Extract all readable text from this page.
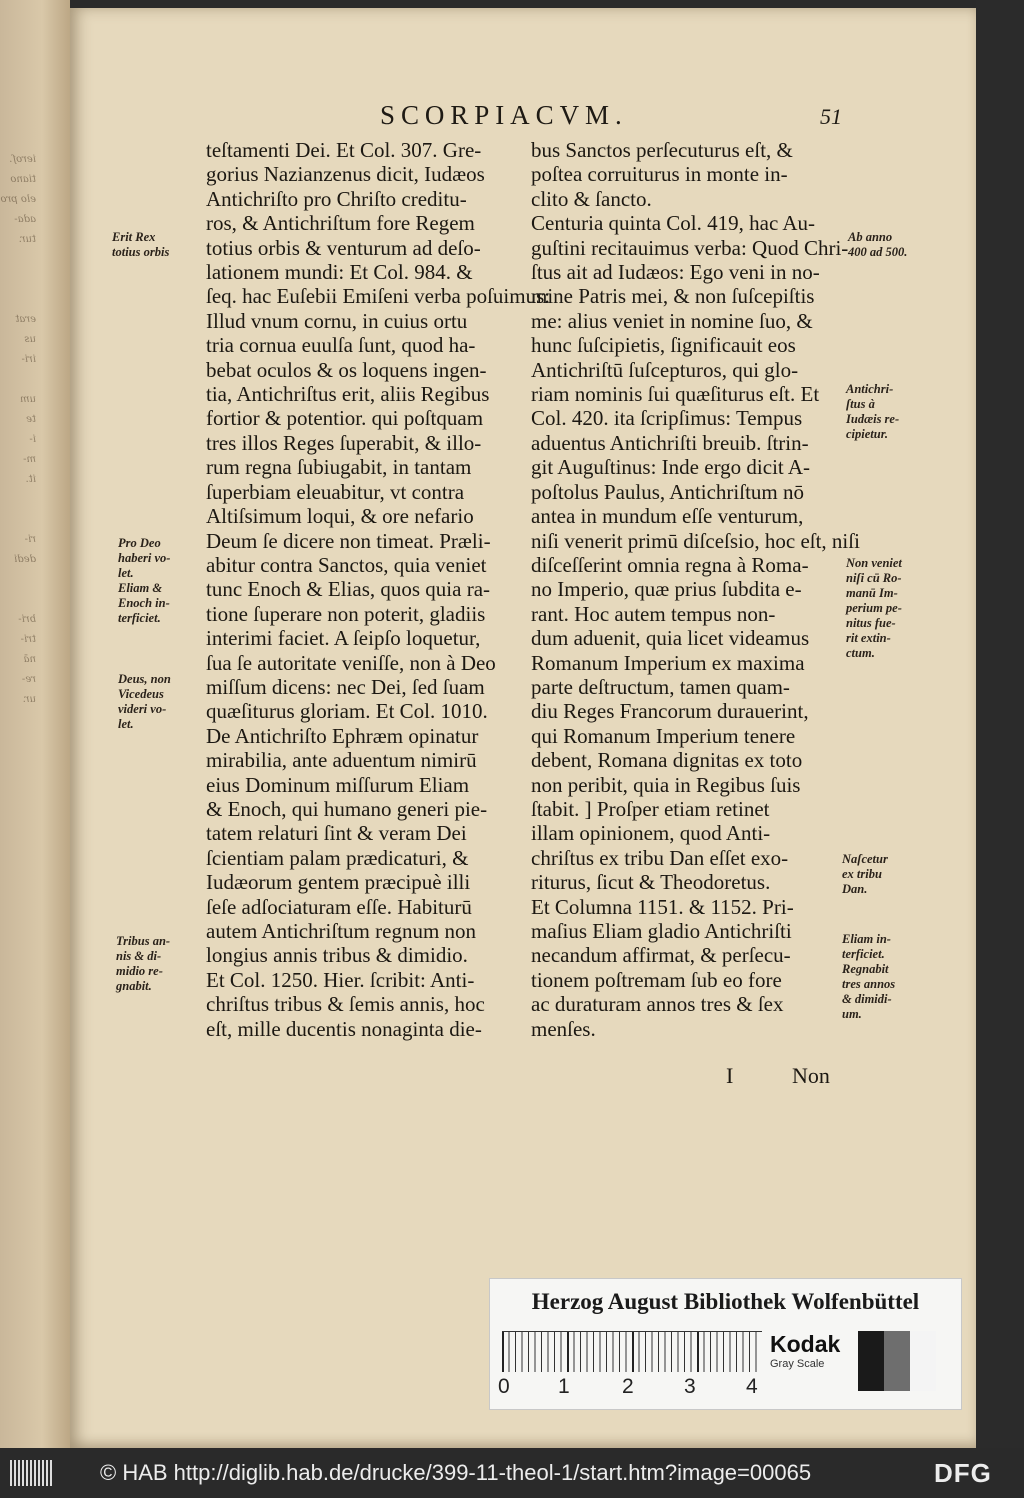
ieroſ.
tiano
elo pro
ada-
tur.

erat
us
iri-

um
te
i-
m-
it.

ri-
dedi

bri-
tri-
nā
re-
ur.
SCORPIACVM.	51
teſtamenti Dei. Et Col. 307. Gre-
gorius Nazianzenus dicit, Iudæos
Antichriſto pro Chriſto creditu-
ros, & Antichriſtum fore Regem
totius orbis & venturum ad deſo-
lationem mundi: Et Col. 984. &
ſeq. hac Euſebii Emiſeni verba poſuimus:
Illud vnum cornu, in cuius ortu
tria cornua euulſa ſunt, quod ha-
bebat oculos & os loquens ingen-
tia, Antichriſtus erit, aliis Regibus
fortior & potentior. qui poſtquam
tres illos Reges ſuperabit, & illo-
rum regna ſubiugabit, in tantam
ſuperbiam eleuabitur, vt contra
Altiſsimum loqui, & ore nefario
Deum ſe dicere non timeat. Præli-
abitur contra Sanctos, quia veniet
tunc Enoch & Elias, quos quia ra-
tione ſuperare non poterit, gladiis
interimi faciet. A ſeipſo loquetur,
ſua ſe autoritate veniſſe, non à Deo
miſſum dicens: nec Dei, ſed ſuam
quæſiturus gloriam. Et Col. 1010.
De Antichriſto Ephræm opinatur
mirabilia, ante aduentum nimirū
eius Dominum miſſurum Eliam
& Enoch, qui humano generi pie-
tatem relaturi ſint & veram Dei
ſcientiam palam prædicaturi, &
Iudæorum gentem præcipuè illi
ſeſe adſociaturam eſſe. Habiturū
autem Antichriſtum regnum non
longius annis tribus & dimidio.
Et Col. 1250. Hier. ſcribit: Anti-
chriſtus tribus & ſemis annis, hoc
eſt, mille ducentis nonaginta die-
bus Sanctos perſecuturus eſt, &
poſtea corruiturus in monte in-
clito & ſancto.
Centuria quinta Col. 419, hac Au-
guſtini recitauimus verba: Quod Chri-
ſtus ait ad Iudæos: Ego veni in no-
mine Patris mei, & non ſuſcepiſtis
me: alius veniet in nomine ſuo, &
hunc ſuſcipietis, ſignificauit eos
Antichriſtū ſuſcepturos, qui glo-
riam nominis ſui quæſiturus eſt. Et
Col. 420. ita ſcripſimus: Tempus
aduentus Antichriſti breuib. ſtrin-
git Auguſtinus: Inde ergo dicit A-
poſtolus Paulus, Antichriſtum nō
antea in mundum eſſe venturum,
niſi venerit primū diſceſsio, hoc eſt, niſi
diſceſſerint omnia regna à Roma-
no Imperio, quæ prius ſubdita e-
rant. Hoc autem tempus non-
dum aduenit, quia licet videamus
Romanum Imperium ex maxima
parte deſtructum, tamen quam-
diu Reges Francorum durauerint,
qui Romanum Imperium tenere
debent, Romana dignitas ex toto
non peribit, quia in Regibus ſuis
ſtabit. ] Proſper etiam retinet
illam opinionem, quod Anti-
chriſtus ex tribu Dan eſſet exo-
riturus, ſicut & Theodoretus.
Et Columna 1151. & 1152. Pri-
maſius Eliam gladio Antichriſti
necandum affirmat, & perſecu-
tionem poſtremam ſub eo fore
ac duraturam annos tres & ſex
menſes.
Erit Rex
totius orbis
Pro Deo
haberi vo-
let.
Eliam &
Enoch in-
terficiet.
Deus, non
Vicedeus
videri vo-
let.
Tribus an-
nis & di-
midio re-
gnabit.
Ab anno
400 ad 500.
Antichri-
ſtus à
Iudæis re-
cipietur.
Non veniet
niſi cū Ro-
manū Im-
perium pe-
nitus fue-
rit extin-
ctum.
Naſcetur
ex tribu
Dan.
Eliam in-
terficiet.
Regnabit
tres annos
& dimidi-
um.
I	Non
Herzog August Bibliothek Wolfenbüttel
0 1 2 3 4
Kodak
Gray Scale
© HAB http://diglib.hab.de/drucke/399-11-theol-1/start.htm?image=00065	DFG
